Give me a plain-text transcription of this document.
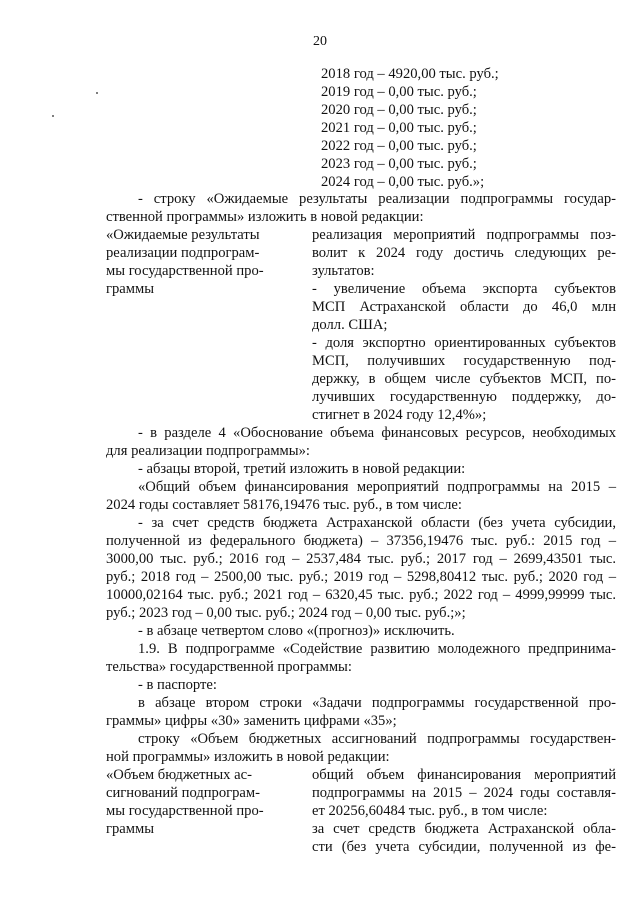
20
2018 год – 4920,00 тыс. руб.;
2019 год – 0,00 тыс. руб.;
2020 год – 0,00 тыс. руб.;
2021 год – 0,00 тыс. руб.;
2022 год – 0,00 тыс. руб.;
2023 год – 0,00 тыс. руб.;
2024 год – 0,00 тыс. руб.»;
- строку «Ожидаемые результаты реализации подпрограммы государ-
ственной программы» изложить в новой редакции:
«Ожидаемые результаты
реализации подпрограм-
мы государственной про-
граммы
реализация мероприятий подпрограммы поз-
волит к 2024 году достичь следующих ре-
зультатов:
- увеличение объема экспорта субъектов
МСП Астраханской области до 46,0 млн
долл. США;
- доля экспортно ориентированных субъектов
МСП, получивших государственную под-
держку, в общем числе субъектов МСП, по-
лучивших государственную поддержку, до-
стигнет в 2024 году 12,4%»;
- в разделе 4 «Обоснование объема финансовых ресурсов, необходимых
для реализации подпрограммы»:
- абзацы второй, третий изложить в новой редакции:
«Общий объем финансирования мероприятий подпрограммы на 2015 –
2024 годы составляет 58176,19476 тыс. руб., в том числе:
- за счет средств бюджета Астраханской области (без учета субсидии,
полученной из федерального бюджета) – 37356,19476 тыс. руб.: 2015 год –
3000,00 тыс. руб.; 2016 год – 2537,484 тыс. руб.; 2017 год – 2699,43501 тыс.
руб.; 2018 год – 2500,00 тыс. руб.; 2019 год – 5298,80412 тыс. руб.; 2020 год –
10000,02164 тыс. руб.; 2021 год – 6320,45 тыс. руб.; 2022 год – 4999,99999 тыс.
руб.; 2023 год – 0,00 тыс. руб.; 2024 год – 0,00 тыс. руб.;»;
- в абзаце четвертом слово «(прогноз)» исключить.
1.9. В подпрограмме «Содействие развитию молодежного предпринима-
тельства» государственной программы:
- в паспорте:
в абзаце втором строки «Задачи подпрограммы государственной про-
граммы» цифры «30» заменить цифрами «35»;
строку «Объем бюджетных ассигнований подпрограммы государствен-
ной программы» изложить в новой редакции:
«Объем бюджетных ас-
сигнований подпрограм-
мы государственной про-
граммы
общий объем финансирования мероприятий
подпрограммы на 2015 – 2024 годы составля-
ет 20256,60484 тыс. руб., в том числе:
за счет средств бюджета Астраханской обла-
сти (без учета субсидии, полученной из фе-
